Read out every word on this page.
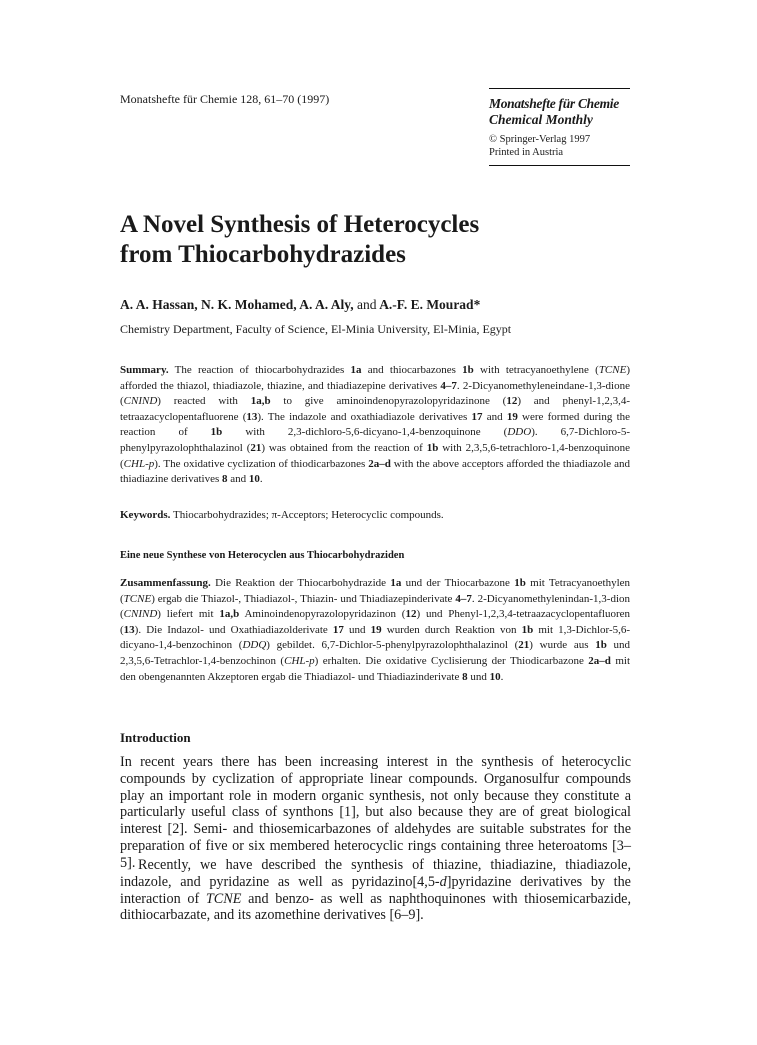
Monatshefte für Chemie 128, 61–70 (1997)	Monatshefte für Chemie
Chemical Monthly
© Springer-Verlag 1997
Printed in Austria
A Novel Synthesis of Heterocycles
from Thiocarbohydrazides
A. A. Hassan, N. K. Mohamed, A. A. Aly, and A.-F. E. Mourad*
Chemistry Department, Faculty of Science, El-Minia University, El-Minia, Egypt
Summary. The reaction of thiocarbohydrazides 1a and thiocarbazones 1b with tetracyanoethylene (TCNE) afforded the thiazol, thiadiazole, thiazine, and thiadiazepine derivatives 4–7. 2-Dicyanomethyleneindane-1,3-dione (CNIND) reacted with 1a,b to give aminoindenopyrazolopyridazinone (12) and phenyl-1,2,3,4-tetraazacyclopentafluorene (13). The indazole and oxathiadiazole derivatives 17 and 19 were formed during the reaction of 1b with 2,3-dichloro-5,6-dicyano-1,4-benzoquinone (DDO). 6,7-Dichloro-5-phenylpyrazolophthalazinol (21) was obtained from the reaction of 1b with 2,3,5,6-tetrachloro-1,4-benzoquinone (CHL-p). The oxidative cyclization of thiodicarbazones 2a–d with the above acceptors afforded the thiadiazole and thiadiazine derivatives 8 and 10.
Keywords. Thiocarbohydrazides; π-Acceptors; Heterocyclic compounds.
Eine neue Synthese von Heterocyclen aus Thiocarbohydraziden
Zusammenfassung. Die Reaktion der Thiocarbohydrazide 1a und der Thiocarbazone 1b mit Tetracyanoethylen (TCNE) ergab die Thiazol-, Thiadiazol-, Thiazin- und Thiadiazepinderivate 4–7. 2-Dicyanomethylenindan-1,3-dion (CNIND) liefert mit 1a,b Aminoindenopyrazolopyridazinon (12) und Phenyl-1,2,3,4-tetraazacyclopentafluoren (13). Die Indazol- und Oxathiadiazolderivate 17 und 19 wurden durch Reaktion von 1b mit 1,3-Dichlor-5,6-dicyano-1,4-benzochinon (DDQ) gebildet. 6,7-Dichlor-5-phenylpyrazolophthalazinol (21) wurde aus 1b und 2,3,5,6-Tetrachlor-1,4-benzochinon (CHL-p) erhalten. Die oxidative Cyclisierung der Thiodicarbazone 2a–d mit den obengenannten Akzeptoren ergab die Thiadiazol- und Thiadiazinderivate 8 und 10.
Introduction
In recent years there has been increasing interest in the synthesis of heterocyclic compounds by cyclization of appropriate linear compounds. Organosulfur compounds play an important role in modern organic synthesis, not only because they constitute a particularly useful class of synthons [1], but also because they are of great biological interest [2]. Semi- and thiosemicarbazones of aldehydes are suitable substrates for the preparation of five or six membered heterocyclic rings containing three heteroatoms [3–5]. Recently, we have described the synthesis of thiazine, thiadiazine, thiadiazole, indazole, and pyridazine as well as pyridazino[4,5-d]pyridazine derivatives by the interaction of TCNE and benzo- as well as naphthoquinones with thiosemicarbazide, dithiocarbazate, and its azomethine derivatives [6–9].
